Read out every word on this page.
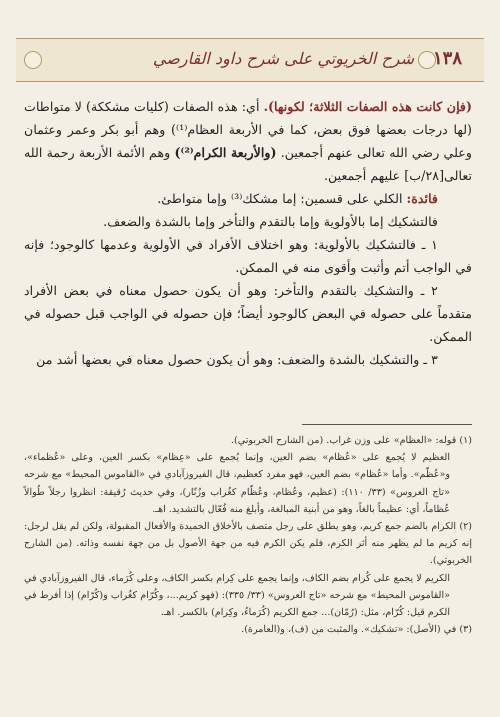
شرح الخريوتي على شرح داود القارصي ١٣٨

(فإن كانت هذه الصفات الثلاثة؛ لكونها). أي: هذه الصفات (كليات مشككة) لا متواطات (لها درجات بعضها فوق بعض، كما في الأربعة العظام⁽¹⁾) وهم أبو بكر وعمر وعثمان وعلي رضي الله تعالى عنهم أجمعين. (والأربعة الكرام⁽²⁾) وهم الأئمة الأربعة رحمة الله تعالى[٢٨/ب] عليهم أجمعين.

فائدة: الكلي على قسمين: إما مشكك⁽³⁾ وإما متواطئ.

فالتشكيك إما بالأولوية وإما بالتقدم والتأخر وإما بالشدة والضعف.

١ ـ فالتشكيك بالأولوية: وهو اختلاف الأفراد في الأولوية وعدمها كالوجود؛ فإنه في الواجب أتم وأثبت وأقوى منه في الممكن.

٢ ـ والتشكيك بالتقدم والتأخر: وهو أن يكون حصول معناه في بعض الأفراد متقدماً على حصوله في البعض كالوجود أيضاً؛ فإن حصوله في الواجب قبل حصوله في الممكن.

٣ ـ والتشكيك بالشدة والضعف: وهو أن يكون حصول معناه في بعضها أشد من

(١) قوله: «العظام» على وزن غراب. (من الشارح الخربوتي).

العظيم لا يُجمع على «عُظام» بضم العين، وإنما يُجمع على «عِظام» بكسر العين، وعلى «عُظماء»، و«عُظّم». وأما «عُظام» بضم العين، فهو مفرد كعظيم، قال الفيروزآبادي في «القاموس المحيط» مع شرحه «تاج العروس» (٣٣/ ١١٠): (عظيم، وعُظام، وعُظّام كغُراب وزُنّار)، وفي حديث رُقيقة: انظروا رجلاً طُوالاً عُظاماً، أي: عظيماً بالغاً، وهو من أبنية المبالغة، وأبلغ منه فُعّال بالتشديد. اهـ.

(٢) الكرام بالضم جمع كريم، وهو يطلق على رجل متصف بالأخلاق الحميدة والأفعال المقبولة، ولكن لم يقل لرجل: إنه كريم ما لم يظهر منه أثر الكرم، فلم يكن الكرم فيه من جهة الأصول بل من جهة نفسه وذاته. (من الشارح الخربوتي).

الكريم لا يجمع على كُرام بضم الكاف، وإنما يجمع على كِرام بكسر الكاف، وعلى كُرَماء، قال الفيروزآبادي في «القاموس المحيط» مع شرحه «تاج العروس» (٣٣/ ٣٣٥): (فهو كريم...، وكُرّام كغُراب و(كُرّام) إذا أفرط في الكرم قيل: كُرّام، مثل: (رُمّان)... جمع الكريم (كُرَماءُ، وكِرام) بالكسر. اهـ.

(٣) في (الأصل): «تشكيك». والمثبت من (ف)، و(العامرة).
